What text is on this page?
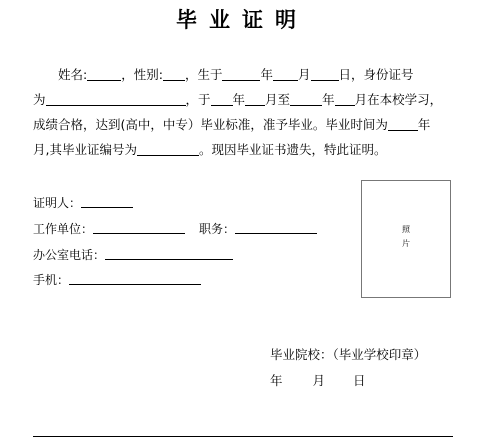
毕业证明
　　姓名:	，性别: ，生于	年 月 日，身份证号
为	，于 年 月至	年 月在本校学习，
成绩合格，达到(高中，中专）毕业标准，准予毕业。毕业时间为 年
月,其毕业证编号为	。现因毕业证书遗失，特此证明。
证明人：
工作单位：	职务：
办公室电话：
手机：
照片
毕业院校：（毕业学校印章）
年 月 日
